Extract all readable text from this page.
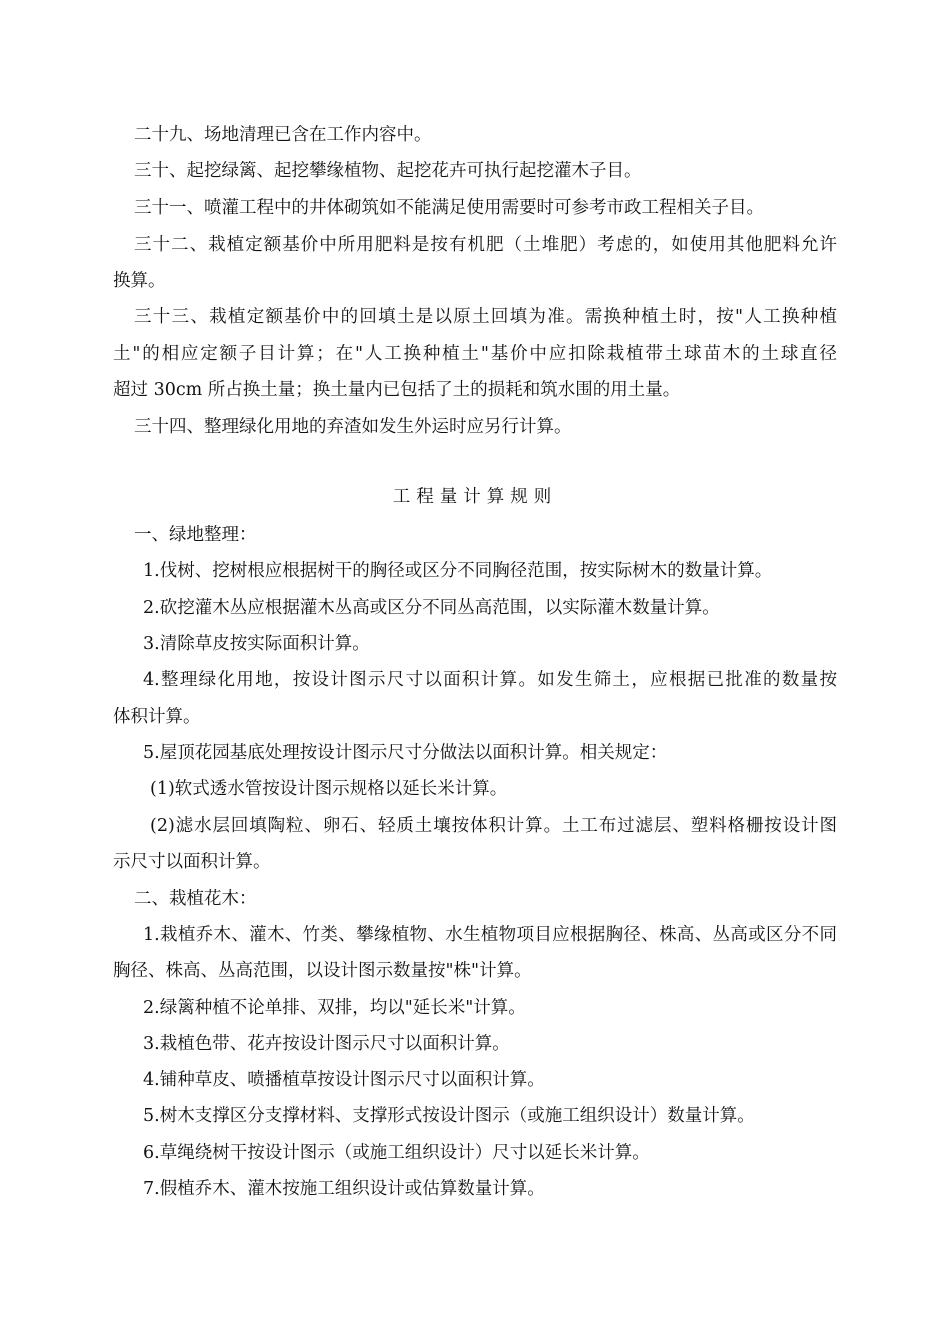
二十九、场地清理已含在工作内容中。

三十、起挖绿篱、起挖攀缘植物、起挖花卉可执行起挖灌木子目。

三十一、喷灌工程中的井体砌筑如不能满足使用需要时可参考市政工程相关子目。

三十二、栽植定额基价中所用肥料是按有机肥（土堆肥）考虑的，如使用其他肥料允许

换算。

三十三、栽植定额基价中的回填土是以原土回填为准。需换种植土时，按"人工换种植

土"的相应定额子目计算；在"人工换种植土"基价中应扣除栽植带土球苗木的土球直径

超过 30cm 所占换土量；换土量内已包括了土的损耗和筑水围的用土量。

三十四、整理绿化用地的弃渣如发生外运时应另行计算。

工程量计算规则

一、绿地整理：

1.伐树、挖树根应根据树干的胸径或区分不同胸径范围，按实际树木的数量计算。

2.砍挖灌木丛应根据灌木丛高或区分不同丛高范围，以实际灌木数量计算。

3.清除草皮按实际面积计算。

4.整理绿化用地，按设计图示尺寸以面积计算。如发生筛土，应根据已批准的数量按

体积计算。

5.屋顶花园基底处理按设计图示尺寸分做法以面积计算。相关规定：

(1)软式透水管按设计图示规格以延长米计算。

(2)滤水层回填陶粒、卵石、轻质土壤按体积计算。土工布过滤层、塑料格栅按设计图

示尺寸以面积计算。

二、栽植花木：

1.栽植乔木、灌木、竹类、攀缘植物、水生植物项目应根据胸径、株高、丛高或区分不同

胸径、株高、丛高范围，以设计图示数量按"株"计算。

2.绿篱种植不论单排、双排，均以"延长米"计算。

3.栽植色带、花卉按设计图示尺寸以面积计算。

4.铺种草皮、喷播植草按设计图示尺寸以面积计算。

5.树木支撑区分支撑材料、支撑形式按设计图示（或施工组织设计）数量计算。

6.草绳绕树干按设计图示（或施工组织设计）尺寸以延长米计算。

7.假植乔木、灌木按施工组织设计或估算数量计算。
